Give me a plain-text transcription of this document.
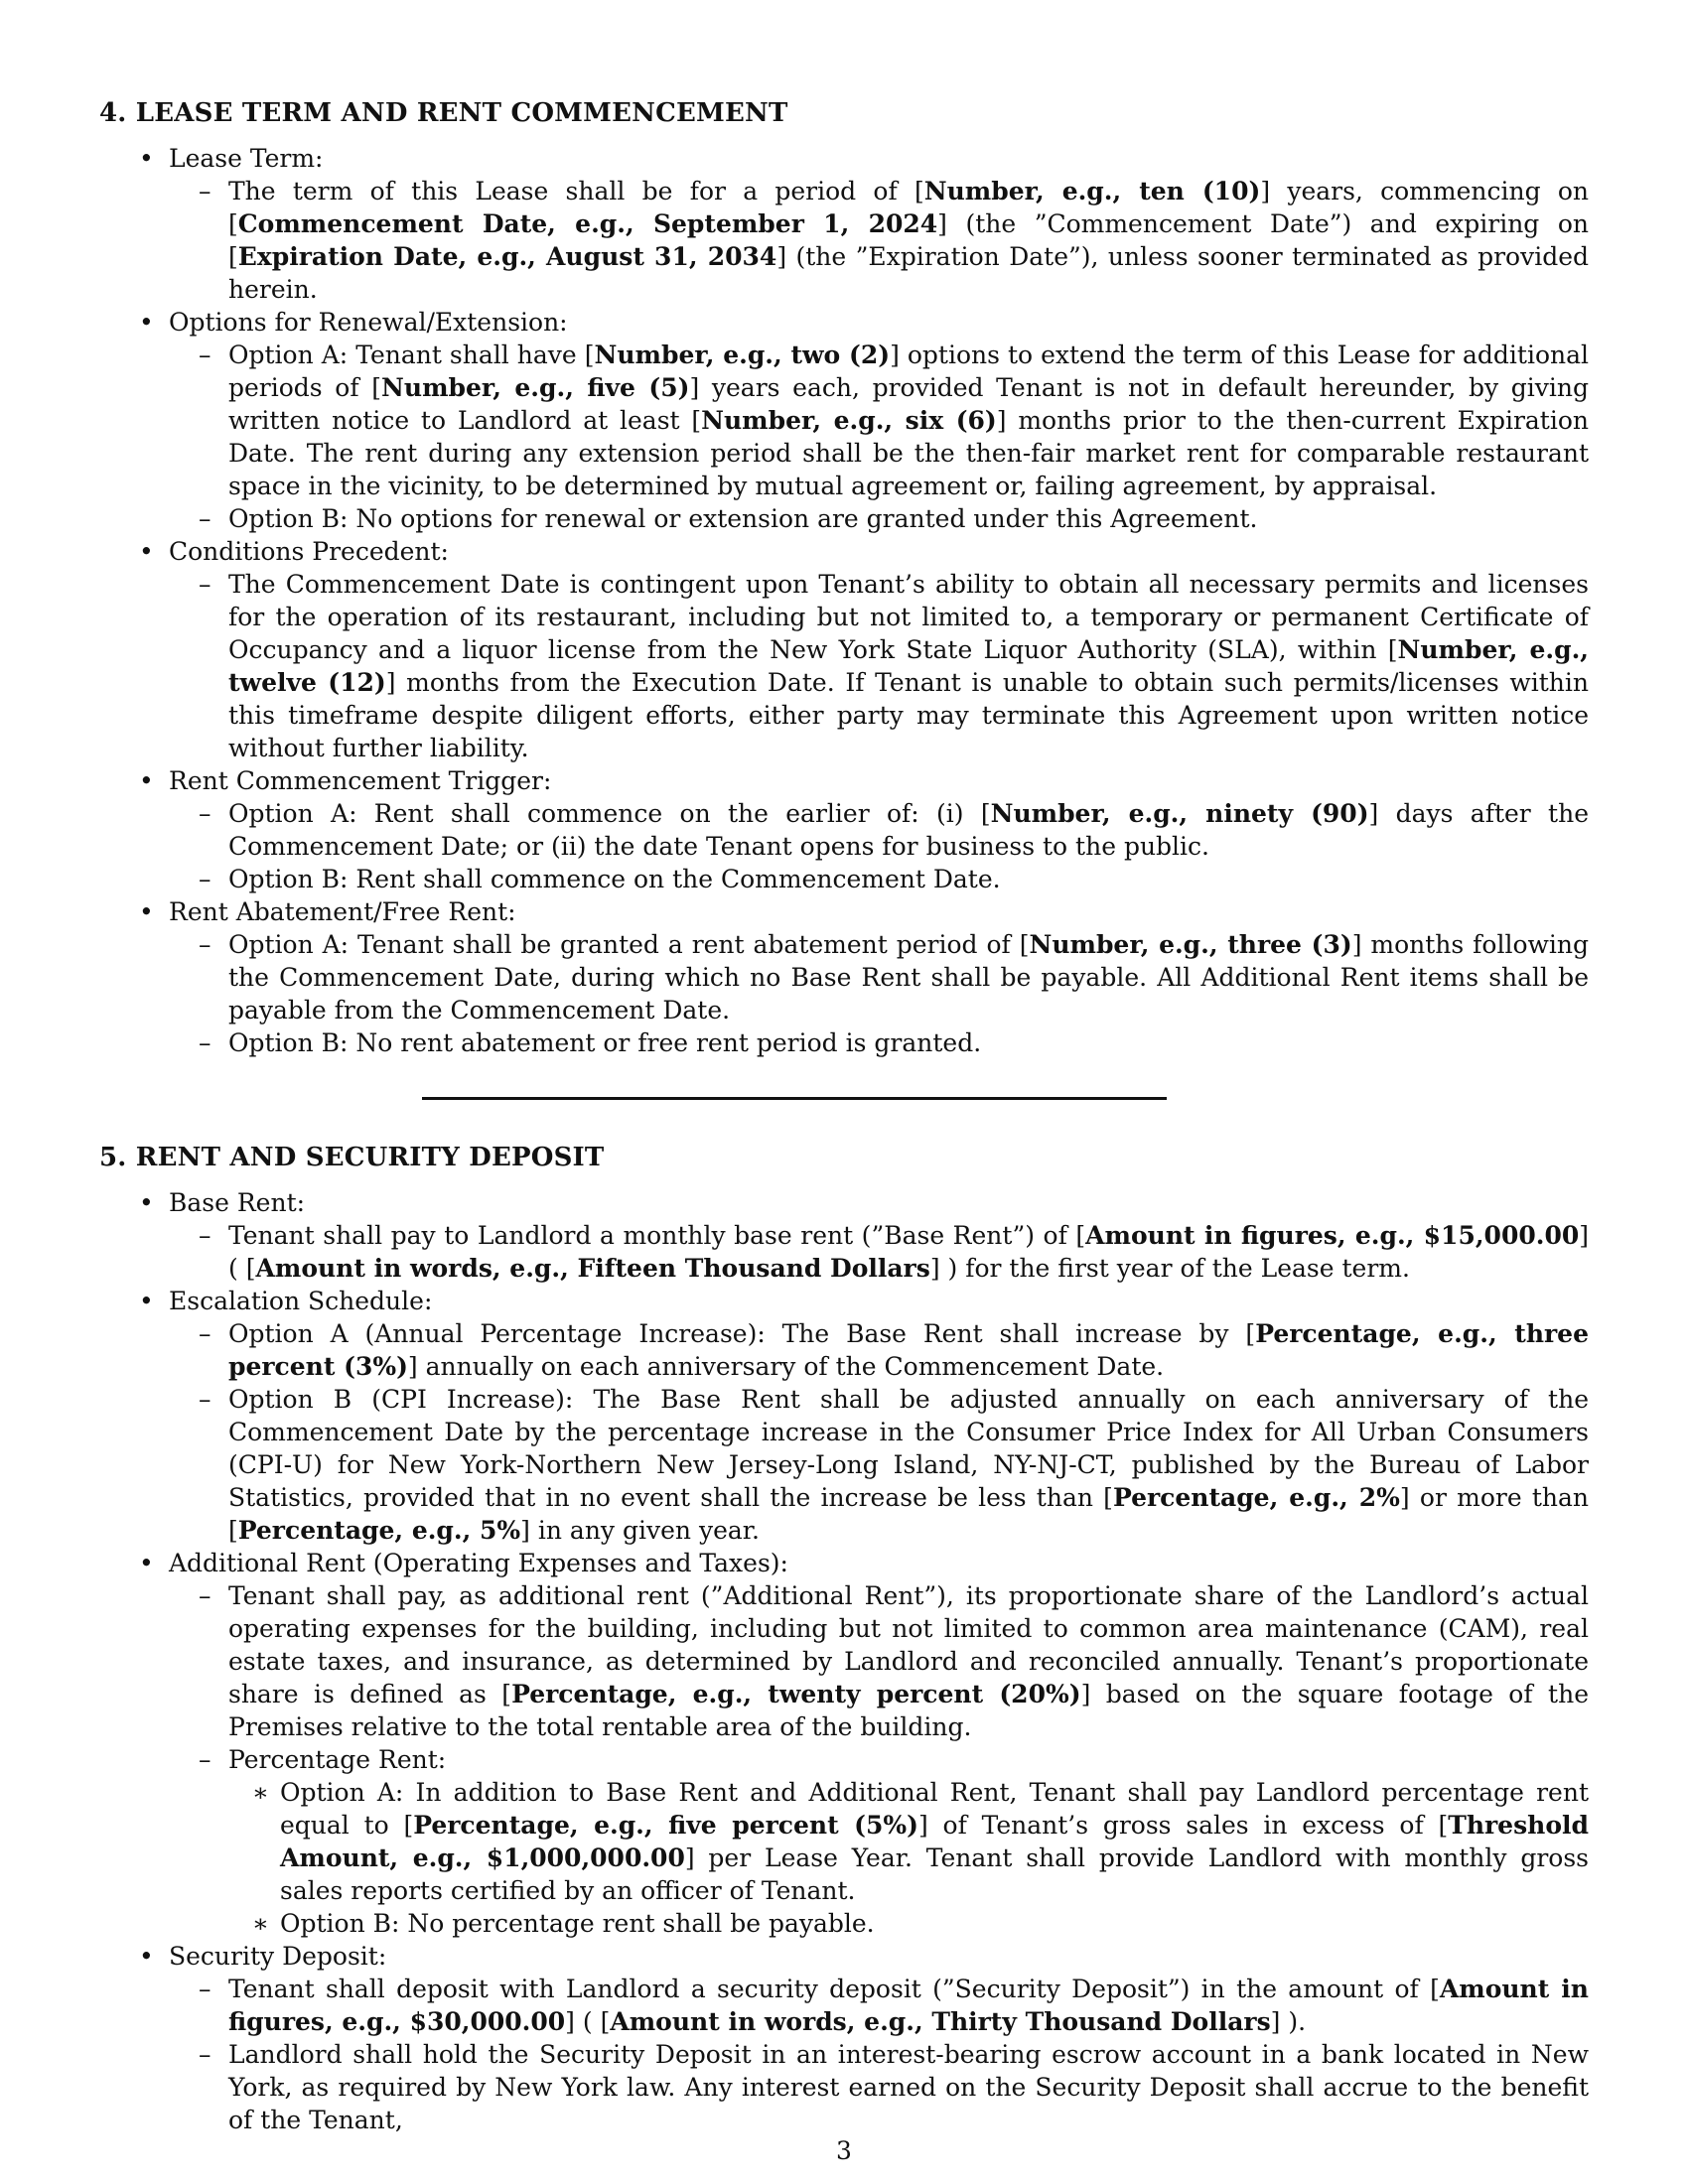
4. LEASE TERM AND RENT COMMENCEMENT
• Lease Term:
– The term of this Lease shall be for a period of [Number, e.g., ten (10)] years, commencing on [Commencement Date, e.g., September 1, 2024] (the ”Commencement Date”) and expiring on [Expiration Date, e.g., August 31, 2034] (the ”Expiration Date”), unless sooner terminated as provided herein.
• Options for Renewal/Extension:
– Option A: Tenant shall have [Number, e.g., two (2)] options to extend the term of this Lease for additional periods of [Number, e.g., five (5)] years each, provided Tenant is not in default hereunder, by giving written notice to Landlord at least [Number, e.g., six (6)] months prior to the then-current Expiration Date. The rent during any extension period shall be the then-fair market rent for comparable restaurant space in the vicinity, to be determined by mutual agreement or, failing agreement, by appraisal.
– Option B: No options for renewal or extension are granted under this Agreement.
• Conditions Precedent:
– The Commencement Date is contingent upon Tenant’s ability to obtain all necessary permits and licenses for the operation of its restaurant, including but not limited to, a temporary or permanent Certificate of Occupancy and a liquor license from the New York State Liquor Authority (SLA), within [Number, e.g., twelve (12)] months from the Execution Date. If Tenant is unable to obtain such permits/licenses within this timeframe despite diligent efforts, either party may terminate this Agreement upon written notice without further liability.
• Rent Commencement Trigger:
– Option A: Rent shall commence on the earlier of: (i) [Number, e.g., ninety (90)] days after the Commencement Date; or (ii) the date Tenant opens for business to the public.
– Option B: Rent shall commence on the Commencement Date.
• Rent Abatement/Free Rent:
– Option A: Tenant shall be granted a rent abatement period of [Number, e.g., three (3)] months following the Commencement Date, during which no Base Rent shall be payable. All Additional Rent items shall be payable from the Commencement Date.
– Option B: No rent abatement or free rent period is granted.
5. RENT AND SECURITY DEPOSIT
• Base Rent:
– Tenant shall pay to Landlord a monthly base rent (”Base Rent”) of [Amount in figures, e.g., $15,000.00] ( [Amount in words, e.g., Fifteen Thousand Dollars] ) for the first year of the Lease term.
• Escalation Schedule:
– Option A (Annual Percentage Increase): The Base Rent shall increase by [Percentage, e.g., three percent (3%)] annually on each anniversary of the Commencement Date.
– Option B (CPI Increase): The Base Rent shall be adjusted annually on each anniversary of the Commencement Date by the percentage increase in the Consumer Price Index for All Urban Consumers (CPI-U) for New York-Northern New Jersey-Long Island, NY-NJ-CT, published by the Bureau of Labor Statistics, provided that in no event shall the increase be less than [Percentage, e.g., 2%] or more than [Percentage, e.g., 5%] in any given year.
• Additional Rent (Operating Expenses and Taxes):
– Tenant shall pay, as additional rent (”Additional Rent”), its proportionate share of the Landlord’s actual operating expenses for the building, including but not limited to common area maintenance (CAM), real estate taxes, and insurance, as determined by Landlord and reconciled annually. Tenant’s proportionate share is defined as [Percentage, e.g., twenty percent (20%)] based on the square footage of the Premises relative to the total rentable area of the building.
– Percentage Rent:
∗ Option A: In addition to Base Rent and Additional Rent, Tenant shall pay Landlord percentage rent equal to [Percentage, e.g., five percent (5%)] of Tenant’s gross sales in excess of [Threshold Amount, e.g., $1,000,000.00] per Lease Year. Tenant shall provide Landlord with monthly gross sales reports certified by an officer of Tenant.
∗ Option B: No percentage rent shall be payable.
• Security Deposit:
– Tenant shall deposit with Landlord a security deposit (”Security Deposit”) in the amount of [Amount in figures, e.g., $30,000.00] ( [Amount in words, e.g., Thirty Thousand Dollars] ).
– Landlord shall hold the Security Deposit in an interest-bearing escrow account in a bank located in New York, as required by New York law. Any interest earned on the Security Deposit shall accrue to the benefit of the Tenant,
3
